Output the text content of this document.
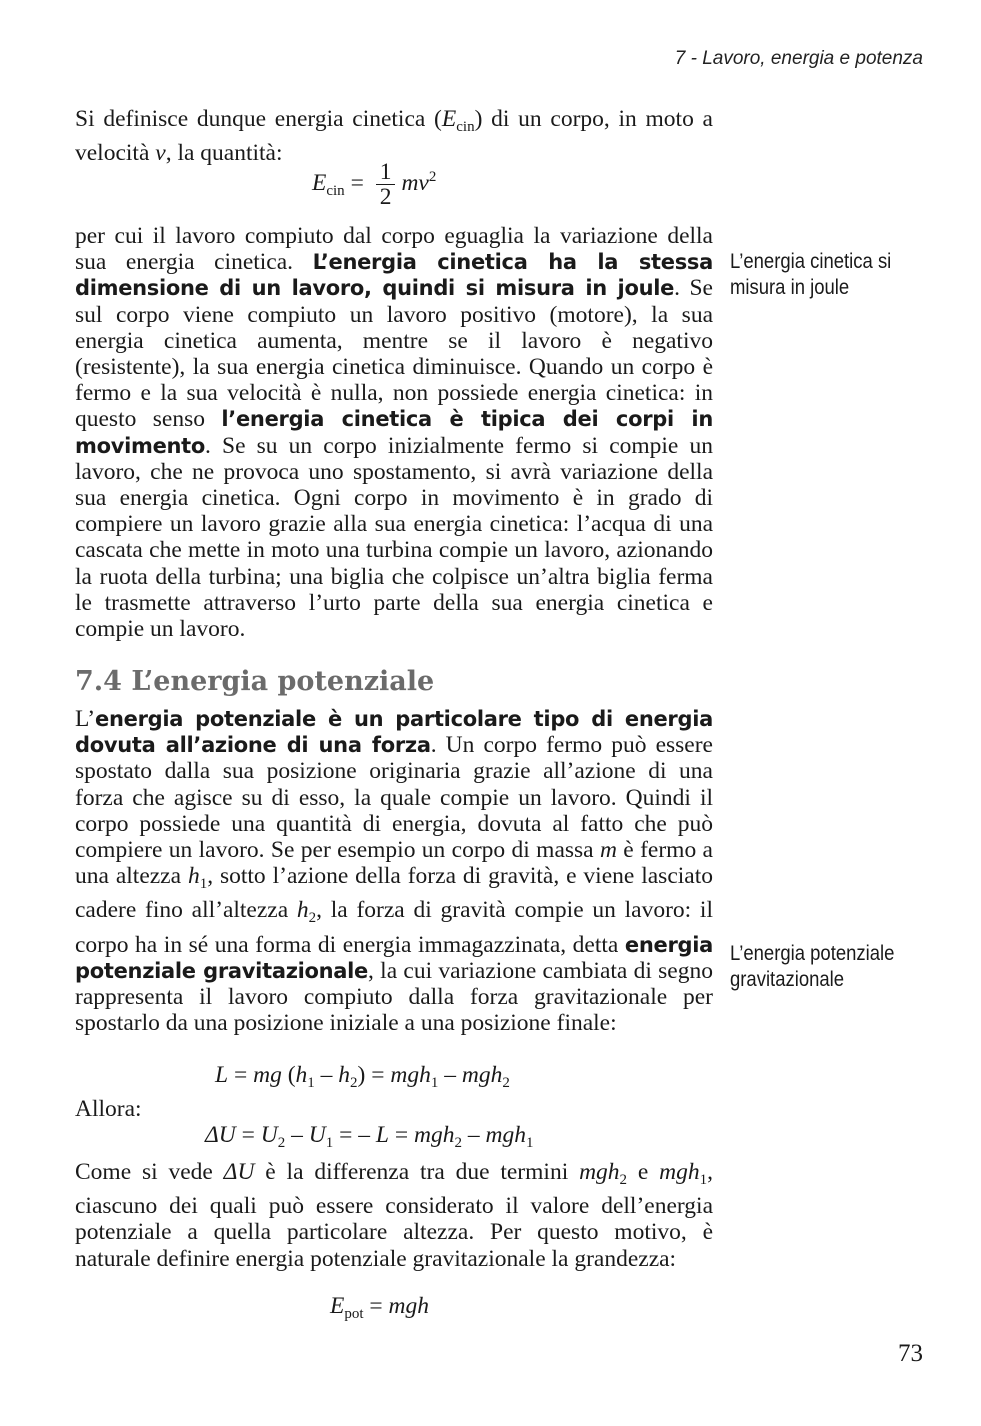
7 - Lavoro, energia e potenza

Si definisce dunque energia cinetica $(E_{cin})$ di un corpo, in moto a velocità v, la quantità:

$E_{cin} = \frac{1}{2} mv^2$

per cui il lavoro compiuto dal corpo eguaglia la variazione della sua energia cinetica. L’energia cinetica ha la stessa dimensione di un lavoro, quindi si misura in joule. Se sul corpo viene compiuto un lavoro positivo (motore), la sua energia cinetica aumenta, mentre se il lavoro è negativo (resistente), la sua energia cinetica diminuisce. Quando un corpo è fermo e la sua velocità è nulla, non possiede energia cinetica: in questo senso l’energia cinetica è tipica dei corpi in movimento. Se su un corpo inizialmente fermo si compie un lavoro, che ne provoca uno spostamento, si avrà variazione della sua energia cinetica. Ogni corpo in movimento è in grado di compiere un lavoro grazie alla sua energia cinetica: l’acqua di una cascata che mette in moto una turbina compie un lavoro, azionando la ruota della turbina; una biglia che colpisce un’altra biglia ferma le trasmette attraverso l’urto parte della sua energia cinetica e compie un lavoro.

L’energia cinetica si misura in joule
7.4 L’energia potenziale

L’energia potenziale è un particolare tipo di energia dovuta all’azione di una forza. Un corpo fermo può essere spostato dalla sua posizione originaria grazie all’azione di una forza che agisce su di esso, la quale compie un lavoro. Quindi il corpo possiede una quantità di energia, dovuta al fatto che può compiere un lavoro. Se per esempio un corpo di massa m è fermo a una altezza $h_1$, sotto l’azione della forza di gravità, e viene lasciato cadere fino all’altezza $h_2$, la forza di gravità compie un lavoro: il corpo ha in sé una forma di energia immagazzinata, detta energia potenziale gravitazionale, la cui variazione cambiata di segno rappresenta il lavoro compiuto dalla forza gravitazionale per spostarlo da una posizione iniziale a una posizione finale:

L’energia potenziale gravitazionale
L = mg $(h_1 - h_2) = mgh_1 - mgh_2$
Allora:
$\Delta U = U_2 - U_1$ = – L = mgh$_2$ – mgh$_1$

Come si vede ΔU è la differenza tra due termini mgh$_2$ e mgh$_1$, ciascuno dei quali può essere considerato il valore dell’energia potenziale a quella particolare altezza. Per questo motivo, è naturale definire energia potenziale gravitazionale la grandezza:

$E_{pot}$ = mgh
73
